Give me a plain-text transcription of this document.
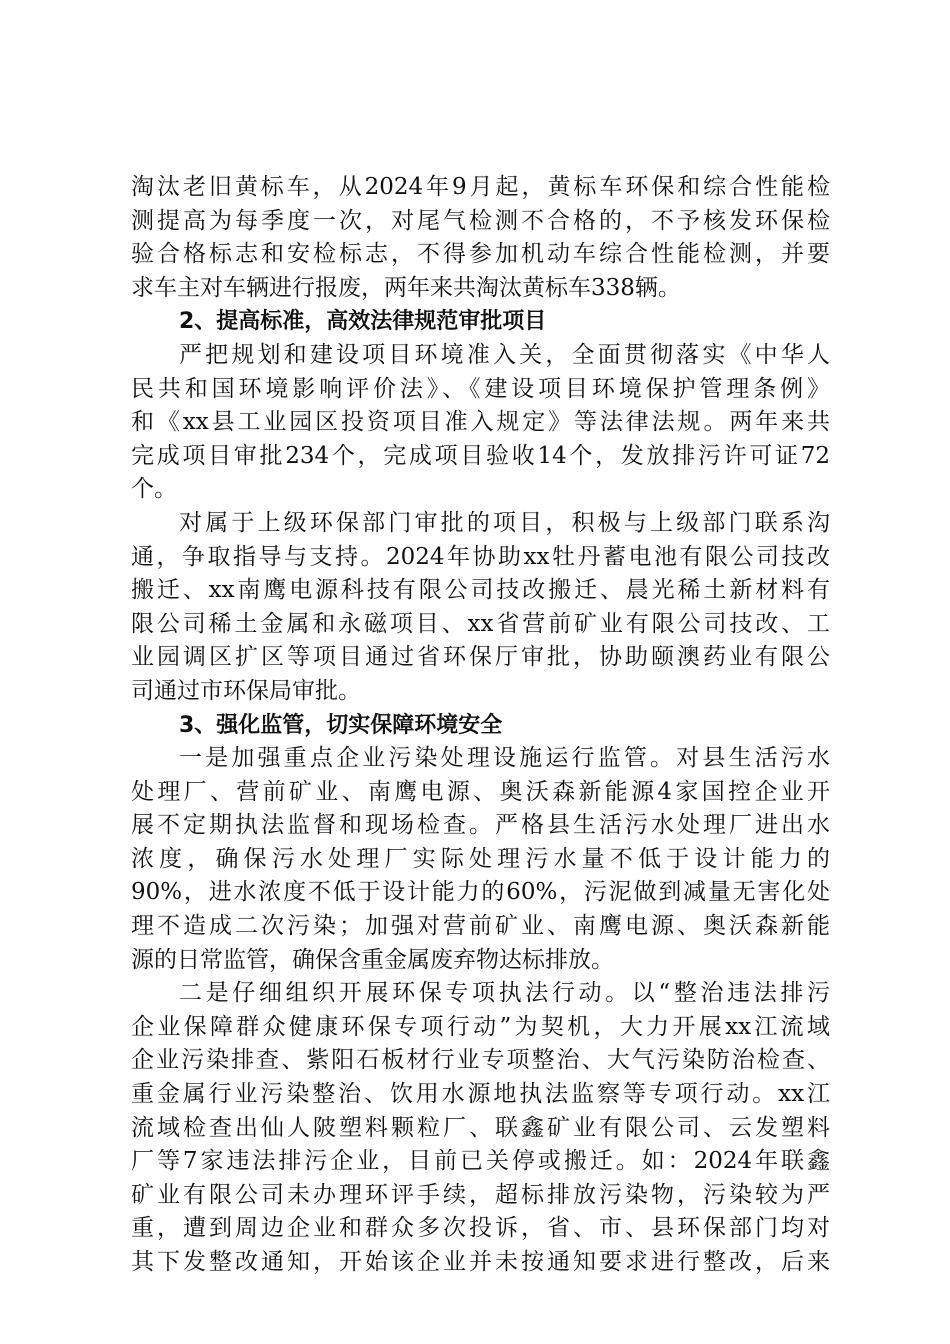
淘汰老旧黄标车，从2024年9月起，黄标车环保和综合性能检
测提高为每季度一次，对尾气检测不合格的，不予核发环保检
验合格标志和安检标志，不得参加机动车综合性能检测，并要
求车主对车辆进行报废，两年来共淘汰黄标车338辆。
2、提高标准，高效法律规范审批项目
严把规划和建设项目环境准入关，全面贯彻落实《中华人
民共和国环境影响评价法》、《建设项目环境保护管理条例》
和《xx县工业园区投资项目准入规定》等法律法规。两年来共
完成项目审批234个，完成项目验收14个，发放排污许可证72
个。
对属于上级环保部门审批的项目，积极与上级部门联系沟
通，争取指导与支持。2024年协助xx牡丹蓄电池有限公司技改
搬迁、xx南鹰电源科技有限公司技改搬迁、晨光稀土新材料有
限公司稀土金属和永磁项目、xx省营前矿业有限公司技改、工
业园调区扩区等项目通过省环保厅审批，协助颐澳药业有限公
司通过市环保局审批。
3、强化监管，切实保障环境安全
一是加强重点企业污染处理设施运行监管。对县生活污水
处理厂、营前矿业、南鹰电源、奥沃森新能源4家国控企业开
展不定期执法监督和现场检查。严格县生活污水处理厂进出水
浓度，确保污水处理厂实际处理污水量不低于设计能力的
90%，进水浓度不低于设计能力的60%，污泥做到减量无害化处
理不造成二次污染；加强对营前矿业、南鹰电源、奥沃森新能
源的日常监管，确保含重金属废弃物达标排放。
二是仔细组织开展环保专项执法行动。以“整治违法排污
企业保障群众健康环保专项行动”为契机，大力开展xx江流域
企业污染排查、紫阳石板材行业专项整治、大气污染防治检查、
重金属行业污染整治、饮用水源地执法监察等专项行动。xx江
流域检查出仙人陂塑料颗粒厂、联鑫矿业有限公司、云发塑料
厂等7家违法排污企业，目前已关停或搬迁。如：2024年联鑫
矿业有限公司未办理环评手续，超标排放污染物，污染较为严
重，遭到周边企业和群众多次投诉，省、市、县环保部门均对
其下发整改通知，开始该企业并未按通知要求进行整改，后来
